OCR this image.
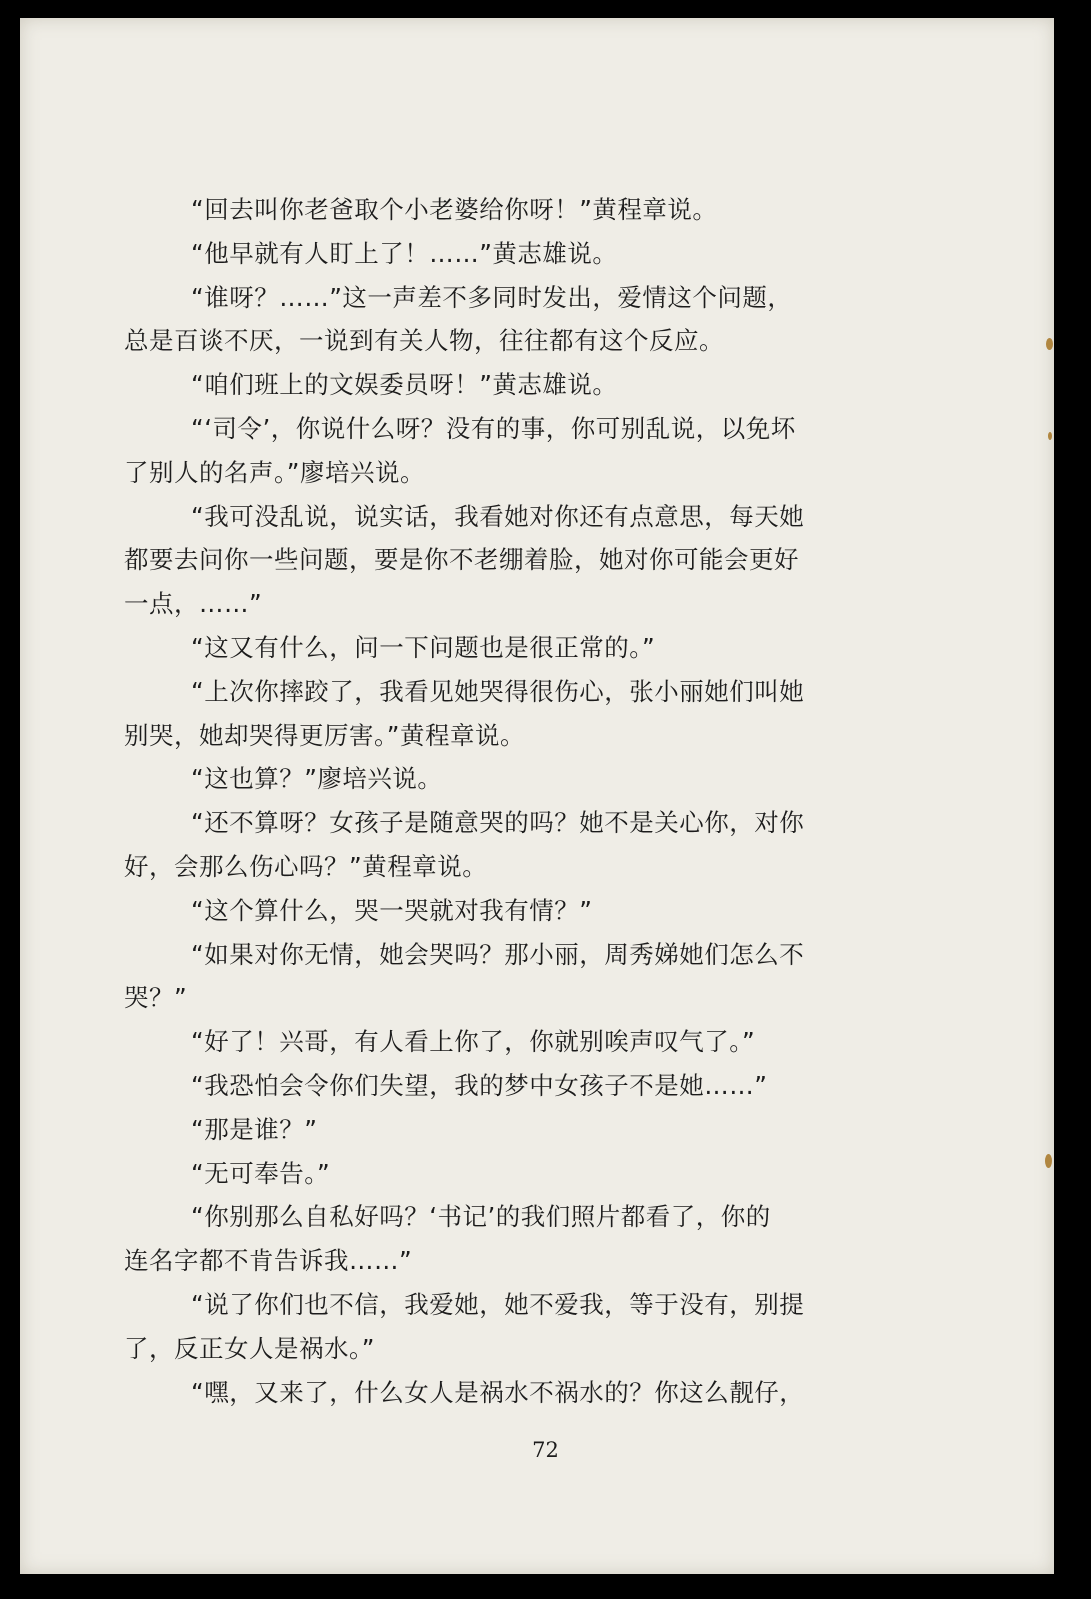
“回去叫你老爸取个小老婆给你呀！”黄程章说。
“他早就有人盯上了！……”黄志雄说。
“谁呀？……”这一声差不多同时发出，爱情这个问题，
总是百谈不厌，一说到有关人物，往往都有这个反应。
“咱们班上的文娱委员呀！”黄志雄说。
“‘司令’，你说什么呀？没有的事，你可别乱说，以免坏
了别人的名声。”廖培兴说。
“我可没乱说，说实话，我看她对你还有点意思，每天她
都要去问你一些问题，要是你不老绷着脸，她对你可能会更好
一点，……”
“这又有什么，问一下问题也是很正常的。”
“上次你摔跤了，我看见她哭得很伤心，张小丽她们叫她
别哭，她却哭得更厉害。”黄程章说。
“这也算？”廖培兴说。
“还不算呀？女孩子是随意哭的吗？她不是关心你，对你
好，会那么伤心吗？”黄程章说。
“这个算什么，哭一哭就对我有情？”
“如果对你无情，她会哭吗？那小丽，周秀娣她们怎么不
哭？”
“好了！兴哥，有人看上你了，你就别唉声叹气了。”
“我恐怕会令你们失望，我的梦中女孩子不是她……”
“那是谁？”
“无可奉告。”
“你别那么自私好吗？‘书记’的我们照片都看了，你的
连名字都不肯告诉我……”
“说了你们也不信，我爱她，她不爱我，等于没有，别提
了，反正女人是祸水。”
“嘿，又来了，什么女人是祸水不祸水的？你这么靓仔，
72
